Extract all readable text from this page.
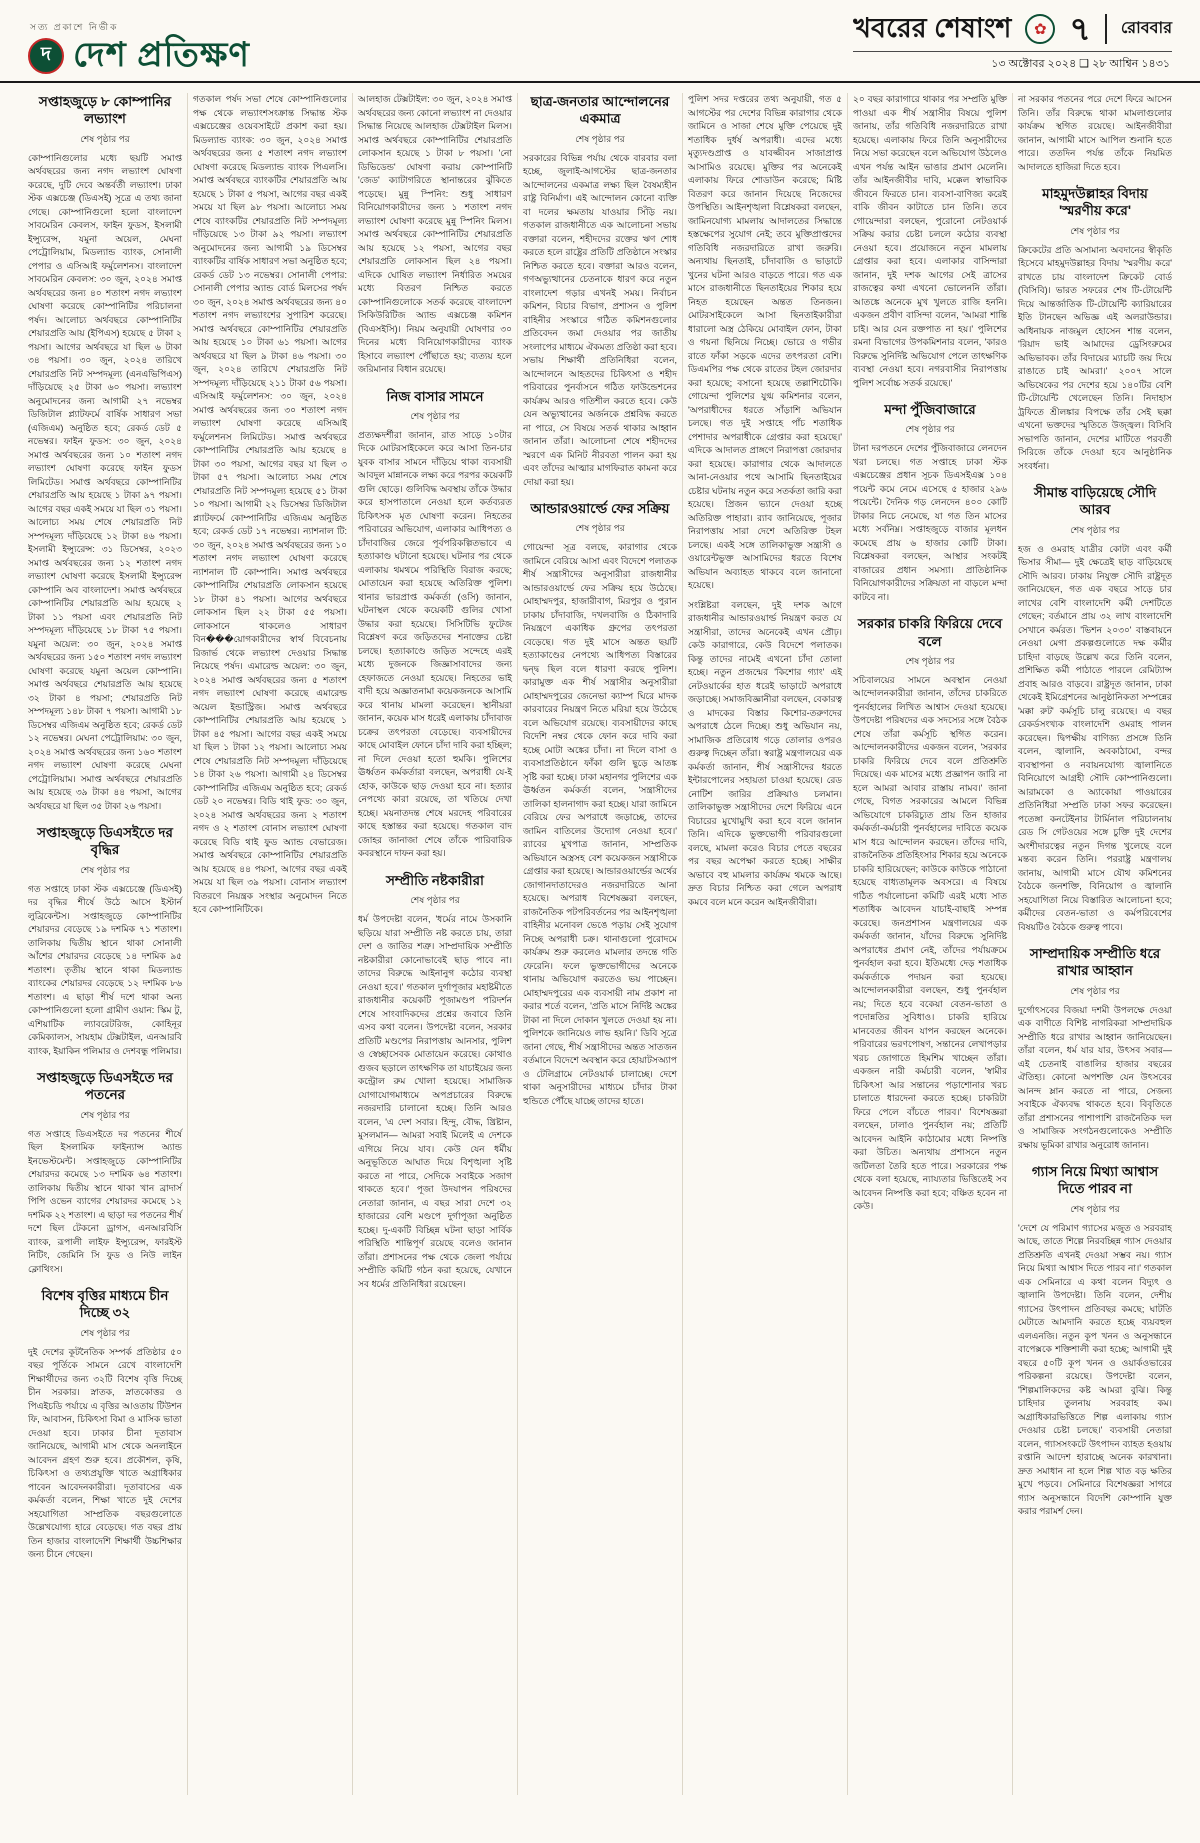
সত্য প্রকাশে নির্ভীক

দ দেশ প্রতিক্ষণ
খবরের শেষাংশ	✿ ৭ রোববার
১৩ অক্টোবর ২০২৪ ❑ ২৮ আশ্বিন ১৪৩১
সপ্তাহজুড়ে ৮ কোম্পানির লভ্যাংশ
শেষ পৃষ্ঠার পর
কোম্পানিগুলোর মধ্যে ছয়টি সমাপ্ত অর্থবছরের জন্য নগদ লভ্যাংশ ঘোষণা করেছে, দুটি দেবে অন্তর্বর্তী লভ্যাংশ। ঢাকা স্টক এক্সচেঞ্জ (ডিএসই) সূত্রে এ তথ্য জানা গেছে। কোম্পানিগুলো হলো বাংলাদেশ সাবমেরিন কেবলস, ফাইন ফুডস, ইসলামী ইন্স্যুরেন্স, যমুনা অয়েল, মেঘনা পেট্রোলিয়াম, মিডল্যান্ড ব্যাংক, সোনালী পেপার ও এসিআই ফর্মুলেশনস। বাংলাদেশ সাবমেরিন কেবলস: ৩০ জুন, ২০২৪ সমাপ্ত অর্থবছরের জন্য ৪০ শতাংশ নগদ লভ্যাংশ ঘোষণা করেছে কোম্পানিটির পরিচালনা পর্ষদ। আলোচ্য অর্থবছরে কোম্পানিটির শেয়ারপ্রতি আয় (ইপিএস) হয়েছে ৫ টাকা ২ পয়সা। আগের অর্থবছরে যা ছিল ৬ টাকা ৩৪ পয়সা। ৩০ জুন, ২০২৪ তারিখে শেয়ারপ্রতি নিট সম্পদমূল্য (এনএভিপিএস) দাঁড়িয়েছে ২৫ টাকা ৬০ পয়সা। লভ্যাংশ অনুমোদনের জন্য আগামী ২৭ নভেম্বর ডিজিটাল প্ল্যাটফর্মে বার্ষিক সাধারণ সভা (এজিএম) অনুষ্ঠিত হবে; রেকর্ড ডেট ৫ নভেম্বর। ফাইন ফুডস: ৩০ জুন, ২০২৪ সমাপ্ত অর্থবছরের জন্য ১০ শতাংশ নগদ লভ্যাংশ ঘোষণা করেছে ফাইন ফুডস লিমিটেড। সমাপ্ত অর্থবছরে কোম্পানিটির শেয়ারপ্রতি আয় হয়েছে ১ টাকা ৯৭ পয়সা। আগের বছর একই সময়ে যা ছিল ৩১ পয়সা। আলোচ্য সময় শেষে শেয়ারপ্রতি নিট সম্পদমূল্য দাঁড়িয়েছে ১২ টাকা ৪৬ পয়সা। ইসলামী ইন্স্যুরেন্স: ৩১ ডিসেম্বর, ২০২৩ সমাপ্ত অর্থবছরের জন্য ১২ শতাংশ নগদ লভ্যাংশ ঘোষণা করেছে ইসলামী ইন্স্যুরেন্স কোম্পানি অব বাংলাদেশ। সমাপ্ত অর্থবছরে কোম্পানিটির শেয়ারপ্রতি আয় হয়েছে ২ টাকা ১১ পয়সা এবং শেয়ারপ্রতি নিট সম্পদমূল্য দাঁড়িয়েছে ১৮ টাকা ৭৫ পয়সা। যমুনা অয়েল: ৩০ জুন, ২০২৪ সমাপ্ত অর্থবছরের জন্য ১৫০ শতাংশ নগদ লভ্যাংশ ঘোষণা করেছে যমুনা অয়েল কোম্পানি। সমাপ্ত অর্থবছরে শেয়ারপ্রতি আয় হয়েছে ৩২ টাকা ৪ পয়সা; শেয়ারপ্রতি নিট সম্পদমূল্য ১৪৮ টাকা ৭ পয়সা। আগামী ১৮ ডিসেম্বর এজিএম অনুষ্ঠিত হবে; রেকর্ড ডেট ১২ নভেম্বর। মেঘনা পেট্রোলিয়াম: ৩০ জুন, ২০২৪ সমাপ্ত অর্থবছরের জন্য ১৬০ শতাংশ নগদ লভ্যাংশ ঘোষণা করেছে মেঘনা পেট্রোলিয়াম। সমাপ্ত অর্থবছরে শেয়ারপ্রতি আয় হয়েছে ৩৯ টাকা ৪৪ পয়সা, আগের অর্থবছরে যা ছিল ৩৫ টাকা ২৬ পয়সা।
সপ্তাহজুড়ে ডিএসইতে দর বৃদ্ধির
শেষ পৃষ্ঠার পর
গত সপ্তাহে ঢাকা স্টক এক্সচেঞ্জে (ডিএসই) দর বৃদ্ধির শীর্ষে উঠে আসে ইস্টার্ন লুব্রিকেন্টস। সপ্তাহজুড়ে কোম্পানিটির শেয়ারদর বেড়েছে ১৯ দশমিক ৭১ শতাংশ। তালিকায় দ্বিতীয় স্থানে থাকা সোনালী আঁশের শেয়ারদর বেড়েছে ১৪ দশমিক ৯৫ শতাংশ। তৃতীয় স্থানে থাকা মিডল্যান্ড ব্যাংকের শেয়ারদর বেড়েছে ১২ দশমিক ৮৬ শতাংশ। এ ছাড়া শীর্ষ দশে থাকা অন্য কোম্পানিগুলো হলো গ্রামীণ ওয়ান: স্কিম টু, এশিয়াটিক ল্যাবরেটরিজ, কোহিনূর কেমিক্যালস, সায়হাম টেক্সটাইল, এনআরবি ব্যাংক, ইয়াকিন পলিমার ও দেশবন্ধু পলিমার।
সপ্তাহজুড়ে ডিএসইতে দর পতনের
শেষ পৃষ্ঠার পর
গত সপ্তাহে ডিএসইতে দর পতনের শীর্ষে ছিল ইসলামিক ফাইন্যান্স অ্যান্ড ইনভেস্টমেন্ট। সপ্তাহজুড়ে কোম্পানিটির শেয়ারদর কমেছে ১৩ দশমিক ৬৪ শতাংশ। তালিকায় দ্বিতীয় স্থানে থাকা খান ব্রাদার্স পিপি ওভেন ব্যাগের শেয়ারদর কমেছে ১২ দশমিক ২২ শতাংশ। এ ছাড়া দর পতনের শীর্ষ দশে ছিল টেকনো ড্রাগস, এনআরবিসি ব্যাংক, রূপালী লাইফ ইন্স্যুরেন্স, ফারইস্ট নিটিং, জেমিনি সি ফুড ও নিউ লাইন ক্লোথিংস।
বিশেষ বৃত্তির মাধ্যমে চীন দিচ্ছে ৩২
শেষ পৃষ্ঠার পর
দুই দেশের কূটনৈতিক সম্পর্ক প্রতিষ্ঠার ৫০ বছর পূর্তিকে সামনে রেখে বাংলাদেশি শিক্ষার্থীদের জন্য ৩২টি বিশেষ বৃত্তি দিচ্ছে চীন সরকার। স্নাতক, স্নাতকোত্তর ও পিএইচডি পর্যায়ে এ বৃত্তির আওতায় টিউশন ফি, আবাসন, চিকিৎসা বিমা ও মাসিক ভাতা দেওয়া হবে। ঢাকার চীনা দূতাবাস জানিয়েছে, আগামী মাস থেকে অনলাইনে আবেদন গ্রহণ শুরু হবে। প্রকৌশল, কৃষি, চিকিৎসা ও তথ্যপ্রযুক্তি খাতে অগ্রাধিকার পাবেন আবেদনকারীরা। দূতাবাসের এক কর্মকর্তা বলেন, শিক্ষা খাতে দুই দেশের সহযোগিতা সাম্প্রতিক বছরগুলোতে উল্লেখযোগ্য হারে বেড়েছে। গত বছর প্রায় তিন হাজার বাংলাদেশি শিক্ষার্থী উচ্চশিক্ষার জন্য চীনে গেছেন।
গতকাল পর্ষদ সভা শেষে কোম্পানিগুলোর পক্ষ থেকে লভ্যাংশসংক্রান্ত সিদ্ধান্ত স্টক এক্সচেঞ্জের ওয়েবসাইটে প্রকাশ করা হয়। মিডল্যান্ড ব্যাংক: ৩০ জুন, ২০২৪ সমাপ্ত অর্থবছরের জন্য ৫ শতাংশ নগদ লভ্যাংশ ঘোষণা করেছে মিডল্যান্ড ব্যাংক পিএলসি। সমাপ্ত অর্থবছরে ব্যাংকটির শেয়ারপ্রতি আয় হয়েছে ১ টাকা ৫ পয়সা, আগের বছর একই সময়ে যা ছিল ৯৮ পয়সা। আলোচ্য সময় শেষে ব্যাংকটির শেয়ারপ্রতি নিট সম্পদমূল্য দাঁড়িয়েছে ১৩ টাকা ৯২ পয়সা। লভ্যাংশ অনুমোদনের জন্য আগামী ১৯ ডিসেম্বর ব্যাংকটির বার্ষিক সাধারণ সভা অনুষ্ঠিত হবে; রেকর্ড ডেট ১৩ নভেম্বর। সোনালী পেপার: সোনালী পেপার অ্যান্ড বোর্ড মিলসের পর্ষদ ৩০ জুন, ২০২৪ সমাপ্ত অর্থবছরের জন্য ৪০ শতাংশ নগদ লভ্যাংশের সুপারিশ করেছে। সমাপ্ত অর্থবছরে কোম্পানিটির শেয়ারপ্রতি আয় হয়েছে ১০ টাকা ৬১ পয়সা। আগের অর্থবছরে যা ছিল ৯ টাকা ৪৬ পয়সা। ৩০ জুন, ২০২৪ তারিখে শেয়ারপ্রতি নিট সম্পদমূল্য দাঁড়িয়েছে ২১১ টাকা ৫৬ পয়সা। এসিআই ফর্মুলেশনস: ৩০ জুন, ২০২৪ সমাপ্ত অর্থবছরের জন্য ৩০ শতাংশ নগদ লভ্যাংশ ঘোষণা করেছে এসিআই ফর্মুলেশনস লিমিটেড। সমাপ্ত অর্থবছরে কোম্পানিটির শেয়ারপ্রতি আয় হয়েছে ৪ টাকা ৩০ পয়সা, আগের বছর যা ছিল ৩ টাকা ৫৭ পয়সা। আলোচ্য সময় শেষে শেয়ারপ্রতি নিট সম্পদমূল্য হয়েছে ৫১ টাকা ১০ পয়সা। আগামী ২২ ডিসেম্বর ডিজিটাল প্ল্যাটফর্মে কোম্পানিটির এজিএম অনুষ্ঠিত হবে; রেকর্ড ডেট ১৭ নভেম্বর। ন্যাশনাল টি: ৩০ জুন, ২০২৪ সমাপ্ত অর্থবছরের জন্য ১০ শতাংশ নগদ লভ্যাংশ ঘোষণা করেছে ন্যাশনাল টি কোম্পানি। সমাপ্ত অর্থবছরে কোম্পানিটির শেয়ারপ্রতি লোকসান হয়েছে ১৮ টাকা ৪১ পয়সা। আগের অর্থবছরে লোকসান ছিল ২২ টাকা ৫৫ পয়সা। লোকসানে থাকলেও সাধারণ বিন���য়োগকারীদের স্বার্থ বিবেচনায় রিজার্ভ থেকে লভ্যাংশ দেওয়ার সিদ্ধান্ত নিয়েছে পর্ষদ। এমারেল্ড অয়েল: ৩০ জুন, ২০২৪ সমাপ্ত অর্থবছরের জন্য ৫ শতাংশ নগদ লভ্যাংশ ঘোষণা করেছে এমারেল্ড অয়েল ইন্ডাস্ট্রিজ। সমাপ্ত অর্থবছরে কোম্পানিটির শেয়ারপ্রতি আয় হয়েছে ১ টাকা ৪৫ পয়সা। আগের বছর একই সময়ে যা ছিল ১ টাকা ১২ পয়সা। আলোচ্য সময় শেষে শেয়ারপ্রতি নিট সম্পদমূল্য দাঁড়িয়েছে ১৪ টাকা ২৬ পয়সা। আগামী ২৪ ডিসেম্বর কোম্পানিটির এজিএম অনুষ্ঠিত হবে; রেকর্ড ডেট ২০ নভেম্বর। বিডি থাই ফুড: ৩০ জুন, ২০২৪ সমাপ্ত অর্থবছরের জন্য ২ শতাংশ নগদ ও ২ শতাংশ বোনাস লভ্যাংশ ঘোষণা করেছে বিডি থাই ফুড অ্যান্ড বেভারেজ। সমাপ্ত অর্থবছরে কোম্পানিটির শেয়ারপ্রতি আয় হয়েছে ৪৪ পয়সা, আগের বছর একই সময়ে যা ছিল ৩৯ পয়সা। বোনাস লভ্যাংশ বিতরণে নিয়ন্ত্রক সংস্থার অনুমোদন নিতে হবে কোম্পানিটিকে।
আলহাজ টেক্সটাইল: ৩০ জুন, ২০২৪ সমাপ্ত অর্থবছরের জন্য কোনো লভ্যাংশ না দেওয়ার সিদ্ধান্ত নিয়েছে আলহাজ টেক্সটাইল মিলস। সমাপ্ত অর্থবছরে কোম্পানিটির শেয়ারপ্রতি লোকসান হয়েছে ১ টাকা ৮ পয়সা। 'নো ডিভিডেন্ড' ঘোষণা করায় কোম্পানিটি 'জেড' ক্যাটাগরিতে স্থানান্তরের ঝুঁকিতে পড়েছে। মুন্নু স্পিনিং: শুধু সাধারণ বিনিয়োগকারীদের জন্য ১ শতাংশ নগদ লভ্যাংশ ঘোষণা করেছে মুন্নু স্পিনিং মিলস। সমাপ্ত অর্থবছরে কোম্পানিটির শেয়ারপ্রতি আয় হয়েছে ১২ পয়সা, আগের বছর শেয়ারপ্রতি লোকসান ছিল ২৪ পয়সা। এদিকে ঘোষিত লভ্যাংশ নির্ধারিত সময়ের মধ্যে বিতরণ নিশ্চিত করতে কোম্পানিগুলোকে সতর্ক করেছে বাংলাদেশ সিকিউরিটিজ অ্যান্ড এক্সচেঞ্জ কমিশন (বিএসইসি)। নিয়ম অনুযায়ী ঘোষণার ৩০ দিনের মধ্যে বিনিয়োগকারীদের ব্যাংক হিসাবে লভ্যাংশ পৌঁছাতে হয়; ব্যত্যয় হলে জরিমানার বিধান রয়েছে।
নিজ বাসার সামনে
শেষ পৃষ্ঠার পর
প্রত্যক্ষদর্শীরা জানান, রাত সাড়ে ১০টার দিকে মোটরসাইকেলে করে আসা তিন-চার যুবক বাসার সামনে দাঁড়িয়ে থাকা ব্যবসায়ী আবদুল মান্নানকে লক্ষ্য করে পরপর কয়েকটি গুলি ছোড়ে। গুলিবিদ্ধ অবস্থায় তাঁকে উদ্ধার করে হাসপাতালে নেওয়া হলে কর্তব্যরত চিকিৎসক মৃত ঘোষণা করেন। নিহতের পরিবারের অভিযোগ, এলাকার আধিপত্য ও চাঁদাবাজির জেরে পূর্বপরিকল্পিতভাবে এ হত্যাকাণ্ড ঘটানো হয়েছে। ঘটনার পর থেকে এলাকায় থমথমে পরিস্থিতি বিরাজ করছে; মোতায়েন করা হয়েছে অতিরিক্ত পুলিশ। থানার ভারপ্রাপ্ত কর্মকর্তা (ওসি) জানান, ঘটনাস্থল থেকে কয়েকটি গুলির খোসা উদ্ধার করা হয়েছে। সিসিটিভি ফুটেজ বিশ্লেষণ করে জড়িতদের শনাক্তের চেষ্টা চলছে। হত্যাকাণ্ডে জড়িত সন্দেহে এরই মধ্যে দুজনকে জিজ্ঞাসাবাদের জন্য হেফাজতে নেওয়া হয়েছে। নিহতের ভাই বাদী হয়ে অজ্ঞাতনামা কয়েকজনকে আসামি করে থানায় মামলা করেছেন। স্থানীয়রা জানান, কয়েক মাস ধরেই এলাকায় চাঁদাবাজ চক্রের তৎপরতা বেড়েছে। ব্যবসায়ীদের কাছে মোবাইল ফোনে চাঁদা দাবি করা হচ্ছিল; না দিলে দেওয়া হতো হুমকি। পুলিশের ঊর্ধ্বতন কর্মকর্তারা বলছেন, অপরাধী যে-ই হোক, কাউকে ছাড় দেওয়া হবে না। হত্যার নেপথ্যে কারা রয়েছে, তা খতিয়ে দেখা হচ্ছে। ময়নাতদন্ত শেষে মরদেহ পরিবারের কাছে হস্তান্তর করা হয়েছে। গতকাল বাদ জোহর জানাজা শেষে তাঁকে পারিবারিক কবরস্থানে দাফন করা হয়।
সম্প্রীতি নষ্টকারীরা
শেষ পৃষ্ঠার পর
ধর্ম উপদেষ্টা বলেন, 'ধর্মের নামে উসকানি ছড়িয়ে যারা সম্প্রীতি নষ্ট করতে চায়, তারা দেশ ও জাতির শত্রু। সাম্প্রদায়িক সম্প্রীতি নষ্টকারীরা কোনোভাবেই ছাড় পাবে না। তাদের বিরুদ্ধে আইনানুগ কঠোর ব্যবস্থা নেওয়া হবে।' গতকাল দুর্গাপূজার মহাষ্টমীতে রাজধানীর কয়েকটি পূজামণ্ডপ পরিদর্শন শেষে সাংবাদিকদের প্রশ্নের জবাবে তিনি এসব কথা বলেন। উপদেষ্টা বলেন, সরকার প্রতিটি মণ্ডপের নিরাপত্তায় আনসার, পুলিশ ও স্বেচ্ছাসেবক মোতায়েন করেছে। কোথাও গুজব ছড়ালে তাৎক্ষণিক তা যাচাইয়ের জন্য কন্ট্রোল রুম খোলা হয়েছে। সামাজিক যোগাযোগমাধ্যমে অপপ্রচারের বিরুদ্ধে নজরদারি চালানো হচ্ছে। তিনি আরও বলেন, 'এ দেশ সবার। হিন্দু, বৌদ্ধ, খ্রিষ্টান, মুসলমান— আমরা সবাই মিলেই এ দেশকে এগিয়ে নিয়ে যাব। কেউ যেন ধর্মীয় অনুভূতিতে আঘাত দিয়ে বিশৃঙ্খলা সৃষ্টি করতে না পারে, সেদিকে সবাইকে সজাগ থাকতে হবে।' পূজা উদযাপন পরিষদের নেতারা জানান, এ বছর সারা দেশে ৩২ হাজারের বেশি মণ্ডপে দুর্গাপূজা অনুষ্ঠিত হচ্ছে। দু-একটি বিচ্ছিন্ন ঘটনা ছাড়া সার্বিক পরিস্থিতি শান্তিপূর্ণ রয়েছে বলেও জানান তাঁরা। প্রশাসনের পক্ষ থেকে জেলা পর্যায়ে সম্প্রীতি কমিটি গঠন করা হয়েছে, যেখানে সব ধর্মের প্রতিনিধিরা রয়েছেন।
ছাত্র-জনতার আন্দোলনের একমাত্র
শেষ পৃষ্ঠার পর
সরকারের বিভিন্ন পর্যায় থেকে বারবার বলা হচ্ছে, জুলাই-আগস্টের ছাত্র-জনতার আন্দোলনের একমাত্র লক্ষ্য ছিল বৈষম্যহীন রাষ্ট্র বিনির্মাণ। এই আন্দোলন কোনো ব্যক্তি বা দলের ক্ষমতায় যাওয়ার সিঁড়ি নয়। গতকাল রাজধানীতে এক আলোচনা সভায় বক্তারা বলেন, শহীদদের রক্তের ঋণ শোধ করতে হলে রাষ্ট্রের প্রতিটি প্রতিষ্ঠানে সংস্কার নিশ্চিত করতে হবে। বক্তারা আরও বলেন, গণঅভ্যুত্থানের চেতনাকে ধারণ করে নতুন বাংলাদেশ গড়ার এখনই সময়। নির্বাচন কমিশন, বিচার বিভাগ, প্রশাসন ও পুলিশ বাহিনীর সংস্কারে গঠিত কমিশনগুলোর প্রতিবেদন জমা দেওয়ার পর জাতীয় সংলাপের মাধ্যমে ঐকমত্য প্রতিষ্ঠা করা হবে। সভায় শিক্ষার্থী প্রতিনিধিরা বলেন, আন্দোলনে আহতদের চিকিৎসা ও শহীদ পরিবারের পুনর্বাসনে গঠিত ফাউন্ডেশনের কার্যক্রম আরও গতিশীল করতে হবে। কেউ যেন অভ্যুত্থানের অর্জনকে প্রশ্নবিদ্ধ করতে না পারে, সে বিষয়ে সতর্ক থাকার আহ্বান জানান তাঁরা। আলোচনা শেষে শহীদদের স্মরণে এক মিনিট নীরবতা পালন করা হয় এবং তাঁদের আত্মার মাগফিরাত কামনা করে দোয়া করা হয়।
আন্ডারওয়ার্ল্ডে ফের সক্রিয়
শেষ পৃষ্ঠার পর
গোয়েন্দা সূত্র বলছে, কারাগার থেকে জামিনে বেরিয়ে আসা এবং বিদেশে পলাতক শীর্ষ সন্ত্রাসীদের অনুসারীরা রাজধানীর আন্ডারওয়ার্ল্ডে ফের সক্রিয় হয়ে উঠেছে। মোহাম্মদপুর, হাজারীবাগ, মিরপুর ও পুরান ঢাকায় চাঁদাবাজি, দখলবাজি ও ঠিকাদারি নিয়ন্ত্রণে একাধিক গ্রুপের তৎপরতা বেড়েছে। গত দুই মাসে অন্তত ছয়টি হত্যাকাণ্ডের নেপথ্যে আধিপত্য বিস্তারের দ্বন্দ্ব ছিল বলে ধারণা করছে পুলিশ। কারামুক্ত এক শীর্ষ সন্ত্রাসীর অনুসারীরা মোহাম্মদপুরের জেনেভা ক্যাম্প ঘিরে মাদক কারবারের নিয়ন্ত্রণ নিতে মরিয়া হয়ে উঠেছে বলে অভিযোগ রয়েছে। ব্যবসায়ীদের কাছে বিদেশি নম্বর থেকে ফোন করে দাবি করা হচ্ছে মোটা অঙ্কের চাঁদা। না দিলে বাসা ও ব্যবসাপ্রতিষ্ঠানে ফাঁকা গুলি ছুড়ে আতঙ্ক সৃষ্টি করা হচ্ছে। ঢাকা মহানগর পুলিশের এক ঊর্ধ্বতন কর্মকর্তা বলেন, 'সন্ত্রাসীদের তালিকা হালনাগাদ করা হচ্ছে। যারা জামিনে বেরিয়ে ফের অপরাধে জড়াচ্ছে, তাদের জামিন বাতিলের উদ্যোগ নেওয়া হবে।' র‍্যাবের মুখপাত্র জানান, সাম্প্রতিক অভিযানে অস্ত্রসহ বেশ কয়েকজন সন্ত্রাসীকে গ্রেপ্তার করা হয়েছে। আন্ডারওয়ার্ল্ডের অর্থের জোগানদাতাদেরও নজরদারিতে আনা হয়েছে। অপরাধ বিশেষজ্ঞরা বলছেন, রাজনৈতিক পটপরিবর্তনের পর আইনশৃঙ্খলা বাহিনীর মনোবল ভেঙে পড়ায় সেই সুযোগ নিচ্ছে অপরাধী চক্র। থানাগুলো পুরোদমে কার্যক্রম শুরু করলেও মামলার তদন্তে গতি ফেরেনি। ফলে ভুক্তভোগীদের অনেকে থানায় অভিযোগ করতেও ভয় পাচ্ছেন। মোহাম্মদপুরের এক ব্যবসায়ী নাম প্রকাশ না করার শর্তে বলেন, 'প্রতি মাসে নির্দিষ্ট অঙ্কের টাকা না দিলে দোকান খুলতে দেওয়া হয় না। পুলিশকে জানিয়েও লাভ হয়নি।' ডিবি সূত্রে জানা গেছে, শীর্ষ সন্ত্রাসীদের অন্তত সাতজন বর্তমানে বিদেশে অবস্থান করে হোয়াটসঅ্যাপ ও টেলিগ্রামে নেটওয়ার্ক চালাচ্ছে। দেশে থাকা অনুসারীদের মাধ্যমে চাঁদার টাকা হুন্ডিতে পৌঁছে যাচ্ছে তাদের হাতে।
পুলিশ সদর দপ্তরের তথ্য অনুযায়ী, গত ৫ আগস্টের পর দেশের বিভিন্ন কারাগার থেকে জামিনে ও সাজা শেষে মুক্তি পেয়েছে দুই শতাধিক দুর্ধর্ষ অপরাধী। এদের মধ্যে মৃত্যুদণ্ডপ্রাপ্ত ও যাবজ্জীবন সাজাপ্রাপ্ত আসামিও রয়েছে। মুক্তির পর অনেকেই এলাকায় ফিরে শোডাউন করেছে; মিষ্টি বিতরণ করে জানান দিয়েছে নিজেদের উপস্থিতি। আইনশৃঙ্খলা বিশ্লেষকরা বলছেন, জামিনযোগ্য মামলায় আদালতের সিদ্ধান্তে হস্তক্ষেপের সুযোগ নেই; তবে মুক্তিপ্রাপ্তদের গতিবিধি নজরদারিতে রাখা জরুরি। অন্যথায় ছিনতাই, চাঁদাবাজি ও ভাড়াটে খুনের ঘটনা আরও বাড়তে পারে। গত এক মাসে রাজধানীতে ছিনতাইয়ের শিকার হয়ে নিহত হয়েছেন অন্তত তিনজন। মোটরসাইকেলে আসা ছিনতাইকারীরা ধারালো অস্ত্র ঠেকিয়ে মোবাইল ফোন, টাকা ও গয়না ছিনিয়ে নিচ্ছে। ভোরে ও গভীর রাতে ফাঁকা সড়কে এদের তৎপরতা বেশি। ডিএমপির পক্ষ থেকে রাতের টহল জোরদার করা হয়েছে; বসানো হয়েছে তল্লাশিচৌকি। গোয়েন্দা পুলিশের যুগ্ম কমিশনার বলেন, 'অপরাধীদের ধরতে সাঁড়াশি অভিযান চলছে। গত দুই সপ্তাহে পাঁচ শতাধিক পেশাদার অপরাধীকে গ্রেপ্তার করা হয়েছে।' এদিকে আদালত প্রাঙ্গণে নিরাপত্তা জোরদার করা হয়েছে। কারাগার থেকে আদালতে আনা-নেওয়ার পথে আসামি ছিনতাইয়ের চেষ্টার ঘটনায় নতুন করে সতর্কতা জারি করা হয়েছে। প্রিজন ভ্যানে দেওয়া হচ্ছে অতিরিক্ত পাহারা। র‍্যাব জানিয়েছে, পূজার নিরাপত্তায় সারা দেশে অতিরিক্ত টহল চলছে। একই সঙ্গে তালিকাভুক্ত সন্ত্রাসী ও ওয়ারেন্টভুক্ত আসামিদের ধরতে বিশেষ অভিযান অব্যাহত থাকবে বলে জানানো হয়েছে।
সংশ্লিষ্টরা বলছেন, দুই দশক আগে রাজধানীর আন্ডারওয়ার্ল্ড নিয়ন্ত্রণ করত যে সন্ত্রাসীরা, তাদের অনেকেই এখন প্রৌঢ়। কেউ কারাগারে, কেউ বিদেশে পলাতক। কিন্তু তাদের নামেই এখনো চাঁদা তোলা হচ্ছে। নতুন প্রজন্মের 'কিশোর গ্যাং' এই নেটওয়ার্কের হাত ধরেই ভাড়াটে অপরাধে জড়াচ্ছে। সমাজবিজ্ঞানীরা বলছেন, বেকারত্ব ও মাদকের বিস্তার কিশোর-তরুণদের অপরাধে ঠেলে দিচ্ছে। শুধু অভিযান নয়, সামাজিক প্রতিরোধ গড়ে তোলার ওপরও গুরুত্ব দিচ্ছেন তাঁরা। স্বরাষ্ট্র মন্ত্রণালয়ের এক কর্মকর্তা জানান, শীর্ষ সন্ত্রাসীদের ধরতে ইন্টারপোলের সহায়তা চাওয়া হয়েছে। রেড নোটিশ জারির প্রক্রিয়াও চলমান। তালিকাভুক্ত সন্ত্রাসীদের দেশে ফিরিয়ে এনে বিচারের মুখোমুখি করা হবে বলে জানান তিনি। এদিকে ভুক্তভোগী পরিবারগুলো বলছে, মামলা করেও বিচার পেতে বছরের পর বছর অপেক্ষা করতে হচ্ছে। সাক্ষীর অভাবে বহু মামলার কার্যক্রম থমকে আছে। দ্রুত বিচার নিশ্চিত করা গেলে অপরাধ কমবে বলে মনে করেন আইনজীবীরা।
২০ বছর কারাগারে থাকার পর সম্প্রতি মুক্তি পাওয়া এক শীর্ষ সন্ত্রাসীর বিষয়ে পুলিশ জানায়, তাঁর গতিবিধি নজরদারিতে রাখা হয়েছে। এলাকায় ফিরে তিনি অনুসারীদের নিয়ে সভা করেছেন বলে অভিযোগ উঠলেও এখন পর্যন্ত আইন ভাঙার প্রমাণ মেলেনি। তাঁর আইনজীবীর দাবি, মক্কেল স্বাভাবিক জীবনে ফিরতে চান। ব্যবসা-বাণিজ্য করেই বাকি জীবন কাটাতে চান তিনি। তবে গোয়েন্দারা বলছেন, পুরোনো নেটওয়ার্ক সক্রিয় করার চেষ্টা চললে কঠোর ব্যবস্থা নেওয়া হবে। প্রয়োজনে নতুন মামলায় গ্রেপ্তার করা হবে। এলাকার বাসিন্দারা জানান, দুই দশক আগের সেই ত্রাসের রাজত্বের কথা এখনো ভোলেননি তাঁরা। আতঙ্কে অনেকে মুখ খুলতে রাজি হননি। একজন প্রবীণ বাসিন্দা বলেন, 'আমরা শান্তি চাই। আর যেন রক্তপাত না হয়।' পুলিশের রমনা বিভাগের উপকমিশনার বলেন, 'কারও বিরুদ্ধে সুনির্দিষ্ট অভিযোগ পেলে তাৎক্ষণিক ব্যবস্থা নেওয়া হবে। নগরবাসীর নিরাপত্তায় পুলিশ সর্বোচ্চ সতর্ক রয়েছে।'
মন্দা পুঁজিবাজারে
শেষ পৃষ্ঠার পর
টানা দরপতনে দেশের পুঁজিবাজারে লেনদেন খরা চলছে। গত সপ্তাহে ঢাকা স্টক এক্সচেঞ্জের প্রধান সূচক ডিএসইএক্স ১০৪ পয়েন্ট কমে নেমে এসেছে ৫ হাজার ২৯৬ পয়েন্টে। দৈনিক গড় লেনদেন ৪০০ কোটি টাকার নিচে নেমেছে, যা গত তিন মাসের মধ্যে সর্বনিম্ন। সপ্তাহজুড়ে বাজার মূলধন কমেছে প্রায় ৬ হাজার কোটি টাকা। বিশ্লেষকরা বলছেন, আস্থার সংকটই বাজারের প্রধান সমস্যা। প্রাতিষ্ঠানিক বিনিয়োগকারীদের সক্রিয়তা না বাড়লে মন্দা কাটবে না।
সরকার চাকরি ফিরিয়ে দেবে বলে
শেষ পৃষ্ঠার পর
সচিবালয়ের সামনে অবস্থান নেওয়া আন্দোলনকারীরা জানান, তাঁদের চাকরিতে পুনর্বহালের লিখিত আশ্বাস দেওয়া হয়েছে। উপদেষ্টা পরিষদের এক সদস্যের সঙ্গে বৈঠক শেষে তাঁরা কর্মসূচি স্থগিত করেন। আন্দোলনকারীদের একজন বলেন, 'সরকার চাকরি ফিরিয়ে দেবে বলে প্রতিশ্রুতি দিয়েছে। এক মাসের মধ্যে প্রজ্ঞাপন জারি না হলে আমরা আবার রাস্তায় নামব।' জানা গেছে, বিগত সরকারের আমলে বিভিন্ন অভিযোগে চাকরিচ্যুত প্রায় তিন হাজার কর্মকর্তা-কর্মচারী পুনর্বহালের দাবিতে কয়েক মাস ধরে আন্দোলন করছেন। তাঁদের দাবি, রাজনৈতিক প্রতিহিংসার শিকার হয়ে অনেকে চাকরি হারিয়েছেন; কাউকে কাউকে পাঠানো হয়েছে বাধ্যতামূলক অবসরে। এ বিষয়ে গঠিত পর্যালোচনা কমিটি এরই মধ্যে সাত শতাধিক আবেদন যাচাই-বাছাই সম্পন্ন করেছে। জনপ্রশাসন মন্ত্রণালয়ের এক কর্মকর্তা জানান, যাঁদের বিরুদ্ধে সুনির্দিষ্ট অপরাধের প্রমাণ নেই, তাঁদের পর্যায়ক্রমে পুনর্বহাল করা হবে। ইতিমধ্যে দেড় শতাধিক কর্মকর্তাকে পদায়ন করা হয়েছে। আন্দোলনকারীরা বলছেন, শুধু পুনর্বহাল নয়; দিতে হবে বকেয়া বেতন-ভাতা ও পদোন্নতির সুবিধাও। চাকরি হারিয়ে মানবেতর জীবন যাপন করছেন অনেকে। পরিবারের ভরণপোষণ, সন্তানের লেখাপড়ার খরচ জোগাতে হিমশিম খাচ্ছেন তাঁরা। একজন নারী কর্মচারী বলেন, 'স্বামীর চিকিৎসা আর সন্তানের পড়াশোনার খরচ চালাতে ধারদেনা করতে হচ্ছে। চাকরিটা ফিরে পেলে বাঁচতে পারব।' বিশেষজ্ঞরা বলছেন, ঢালাও পুনর্বহাল নয়; প্রতিটি আবেদন আইনি কাঠামোর মধ্যে নিষ্পত্তি করা উচিত। অন্যথায় প্রশাসনে নতুন জটিলতা তৈরি হতে পারে। সরকারের পক্ষ থেকে বলা হয়েছে, ন্যায্যতার ভিত্তিতেই সব আবেদন নিষ্পত্তি করা হবে; বঞ্চিত হবেন না কেউ।
না সরকার পতনের পরে দেশে ফিরে আসেন তিনি। তাঁর বিরুদ্ধে থাকা মামলাগুলোর কার্যক্রম স্থগিত রয়েছে। আইনজীবীরা জানান, আগামী মাসে আপিল শুনানি হতে পারে। ততদিন পর্যন্ত তাঁকে নিয়মিত আদালতে হাজিরা দিতে হবে।
মাহমুদউল্লাহর বিদায় 'স্মরণীয় করে'
শেষ পৃষ্ঠার পর
ক্রিকেটের প্রতি অসামান্য অবদানের স্বীকৃতি হিসেবে মাহমুদউল্লাহর বিদায় 'স্মরণীয় করে' রাখতে চায় বাংলাদেশ ক্রিকেট বোর্ড (বিসিবি)। ভারত সফরের শেষ টি-টোয়েন্টি দিয়ে আন্তর্জাতিক টি-টোয়েন্টি ক্যারিয়ারের ইতি টানছেন অভিজ্ঞ এই অলরাউন্ডার। অধিনায়ক নাজমুল হোসেন শান্ত বলেন, 'রিয়াদ ভাই আমাদের ড্রেসিংরুমের অভিভাবক। তাঁর বিদায়ের ম্যাচটি জয় দিয়ে রাঙাতে চাই আমরা।' ২০০৭ সালে অভিষেকের পর দেশের হয়ে ১৪০টির বেশি টি-টোয়েন্টি খেলেছেন তিনি। নিদাহাস ট্রফিতে শ্রীলঙ্কার বিপক্ষে তাঁর সেই ছক্কা এখনো ভক্তদের স্মৃতিতে উজ্জ্বল। বিসিবি সভাপতি জানান, দেশের মাটিতে পরবর্তী সিরিজে তাঁকে দেওয়া হবে আনুষ্ঠানিক সংবর্ধনা।
সীমান্ত বাড়িয়েছে সৌদি আরব
শেষ পৃষ্ঠার পর
হজ ও ওমরাহ যাত্রীর কোটা এবং কর্মী ভিসার সীমা— দুই ক্ষেত্রেই ছাড় বাড়িয়েছে সৌদি আরব। ঢাকায় নিযুক্ত সৌদি রাষ্ট্রদূত জানিয়েছেন, গত এক বছরে সাড়ে চার লাখের বেশি বাংলাদেশি কর্মী দেশটিতে গেছেন; বর্তমানে প্রায় ৩২ লাখ বাংলাদেশি সেখানে কর্মরত। 'ভিশন ২০৩০' বাস্তবায়নে নেওয়া মেগা প্রকল্পগুলোতে দক্ষ কর্মীর চাহিদা বাড়ছে উল্লেখ করে তিনি বলেন, প্রশিক্ষিত কর্মী পাঠাতে পারলে রেমিট্যান্স প্রবাহ আরও বাড়বে। রাষ্ট্রদূত জানান, ঢাকা থেকেই ইমিগ্রেশনের আনুষ্ঠানিকতা সম্পন্নের 'মক্কা রুট' কর্মসূচি চালু রয়েছে। এ বছর রেকর্ডসংখ্যক বাংলাদেশি ওমরাহ পালন করেছেন। দ্বিপক্ষীয় বাণিজ্য প্রসঙ্গে তিনি বলেন, জ্বালানি, অবকাঠামো, বন্দর ব্যবস্থাপনা ও নবায়নযোগ্য জ্বালানিতে বিনিয়োগে আগ্রহী সৌদি কোম্পানিগুলো। আরামকো ও অ্যাকোয়া পাওয়ারের প্রতিনিধিরা সম্প্রতি ঢাকা সফর করেছেন। পতেঙ্গা কনটেইনার টার্মিনাল পরিচালনায় রেড সি গেটওয়ের সঙ্গে চুক্তি দুই দেশের অংশীদারত্বের নতুন দিগন্ত খুলেছে বলে মন্তব্য করেন তিনি। পররাষ্ট্র মন্ত্রণালয় জানায়, আগামী মাসে যৌথ কমিশনের বৈঠকে জনশক্তি, বিনিয়োগ ও জ্বালানি সহযোগিতা নিয়ে বিস্তারিত আলোচনা হবে; কর্মীদের বেতন-ভাতা ও কর্মপরিবেশের বিষয়টিও বৈঠকে গুরুত্ব পাবে।
সাম্প্রদায়িক সম্প্রীতি ধরে রাখার আহ্বান
শেষ পৃষ্ঠার পর
দুর্গোৎসবের বিজয়া দশমী উপলক্ষে দেওয়া এক বাণীতে বিশিষ্ট নাগরিকরা সাম্প্রদায়িক সম্প্রীতি ধরে রাখার আহ্বান জানিয়েছেন। তাঁরা বলেন, ধর্ম যার যার, উৎসব সবার— এই চেতনাই বাঙালির হাজার বছরের ঐতিহ্য। কোনো অপশক্তি যেন উৎসবের আনন্দ ম্লান করতে না পারে, সেজন্য সবাইকে ঐক্যবদ্ধ থাকতে হবে। বিবৃতিতে তাঁরা প্রশাসনের পাশাপাশি রাজনৈতিক দল ও সামাজিক সংগঠনগুলোকেও সম্প্রীতি রক্ষায় ভূমিকা রাখার অনুরোধ জানান।
গ্যাস নিয়ে মিথ্যা আশ্বাস দিতে পারব না
শেষ পৃষ্ঠার পর
'দেশে যে পরিমাণ গ্যাসের মজুত ও সরবরাহ আছে, তাতে শিল্পে নিরবচ্ছিন্ন গ্যাস দেওয়ার প্রতিশ্রুতি এখনই দেওয়া সম্ভব নয়। গ্যাস নিয়ে মিথ্যা আশ্বাস দিতে পারব না।' গতকাল এক সেমিনারে এ কথা বলেন বিদ্যুৎ ও জ্বালানি উপদেষ্টা। তিনি বলেন, দেশীয় গ্যাসের উৎপাদন প্রতিবছর কমছে; ঘাটতি মেটাতে আমদানি করতে হচ্ছে ব্যয়বহুল এলএনজি। নতুন কূপ খনন ও অনুসন্ধানে বাপেক্সকে শক্তিশালী করা হচ্ছে; আগামী দুই বছরে ৫০টি কূপ খনন ও ওয়ার্কওভারের পরিকল্পনা রয়েছে। উপদেষ্টা বলেন, 'শিল্পমালিকদের কষ্ট আমরা বুঝি। কিন্তু চাহিদার তুলনায় সরবরাহ কম। অগ্রাধিকারভিত্তিতে শিল্প এলাকায় গ্যাস দেওয়ার চেষ্টা চলছে।' ব্যবসায়ী নেতারা বলেন, গ্যাসসংকটে উৎপাদন ব্যাহত হওয়ায় রপ্তানি আদেশ হারাচ্ছে অনেক কারখানা। দ্রুত সমাধান না হলে শিল্প খাত বড় ক্ষতির মুখে পড়বে। সেমিনারে বিশেষজ্ঞরা সাগরে গ্যাস অনুসন্ধানে বিদেশি কোম্পানি যুক্ত করার পরামর্শ দেন।
